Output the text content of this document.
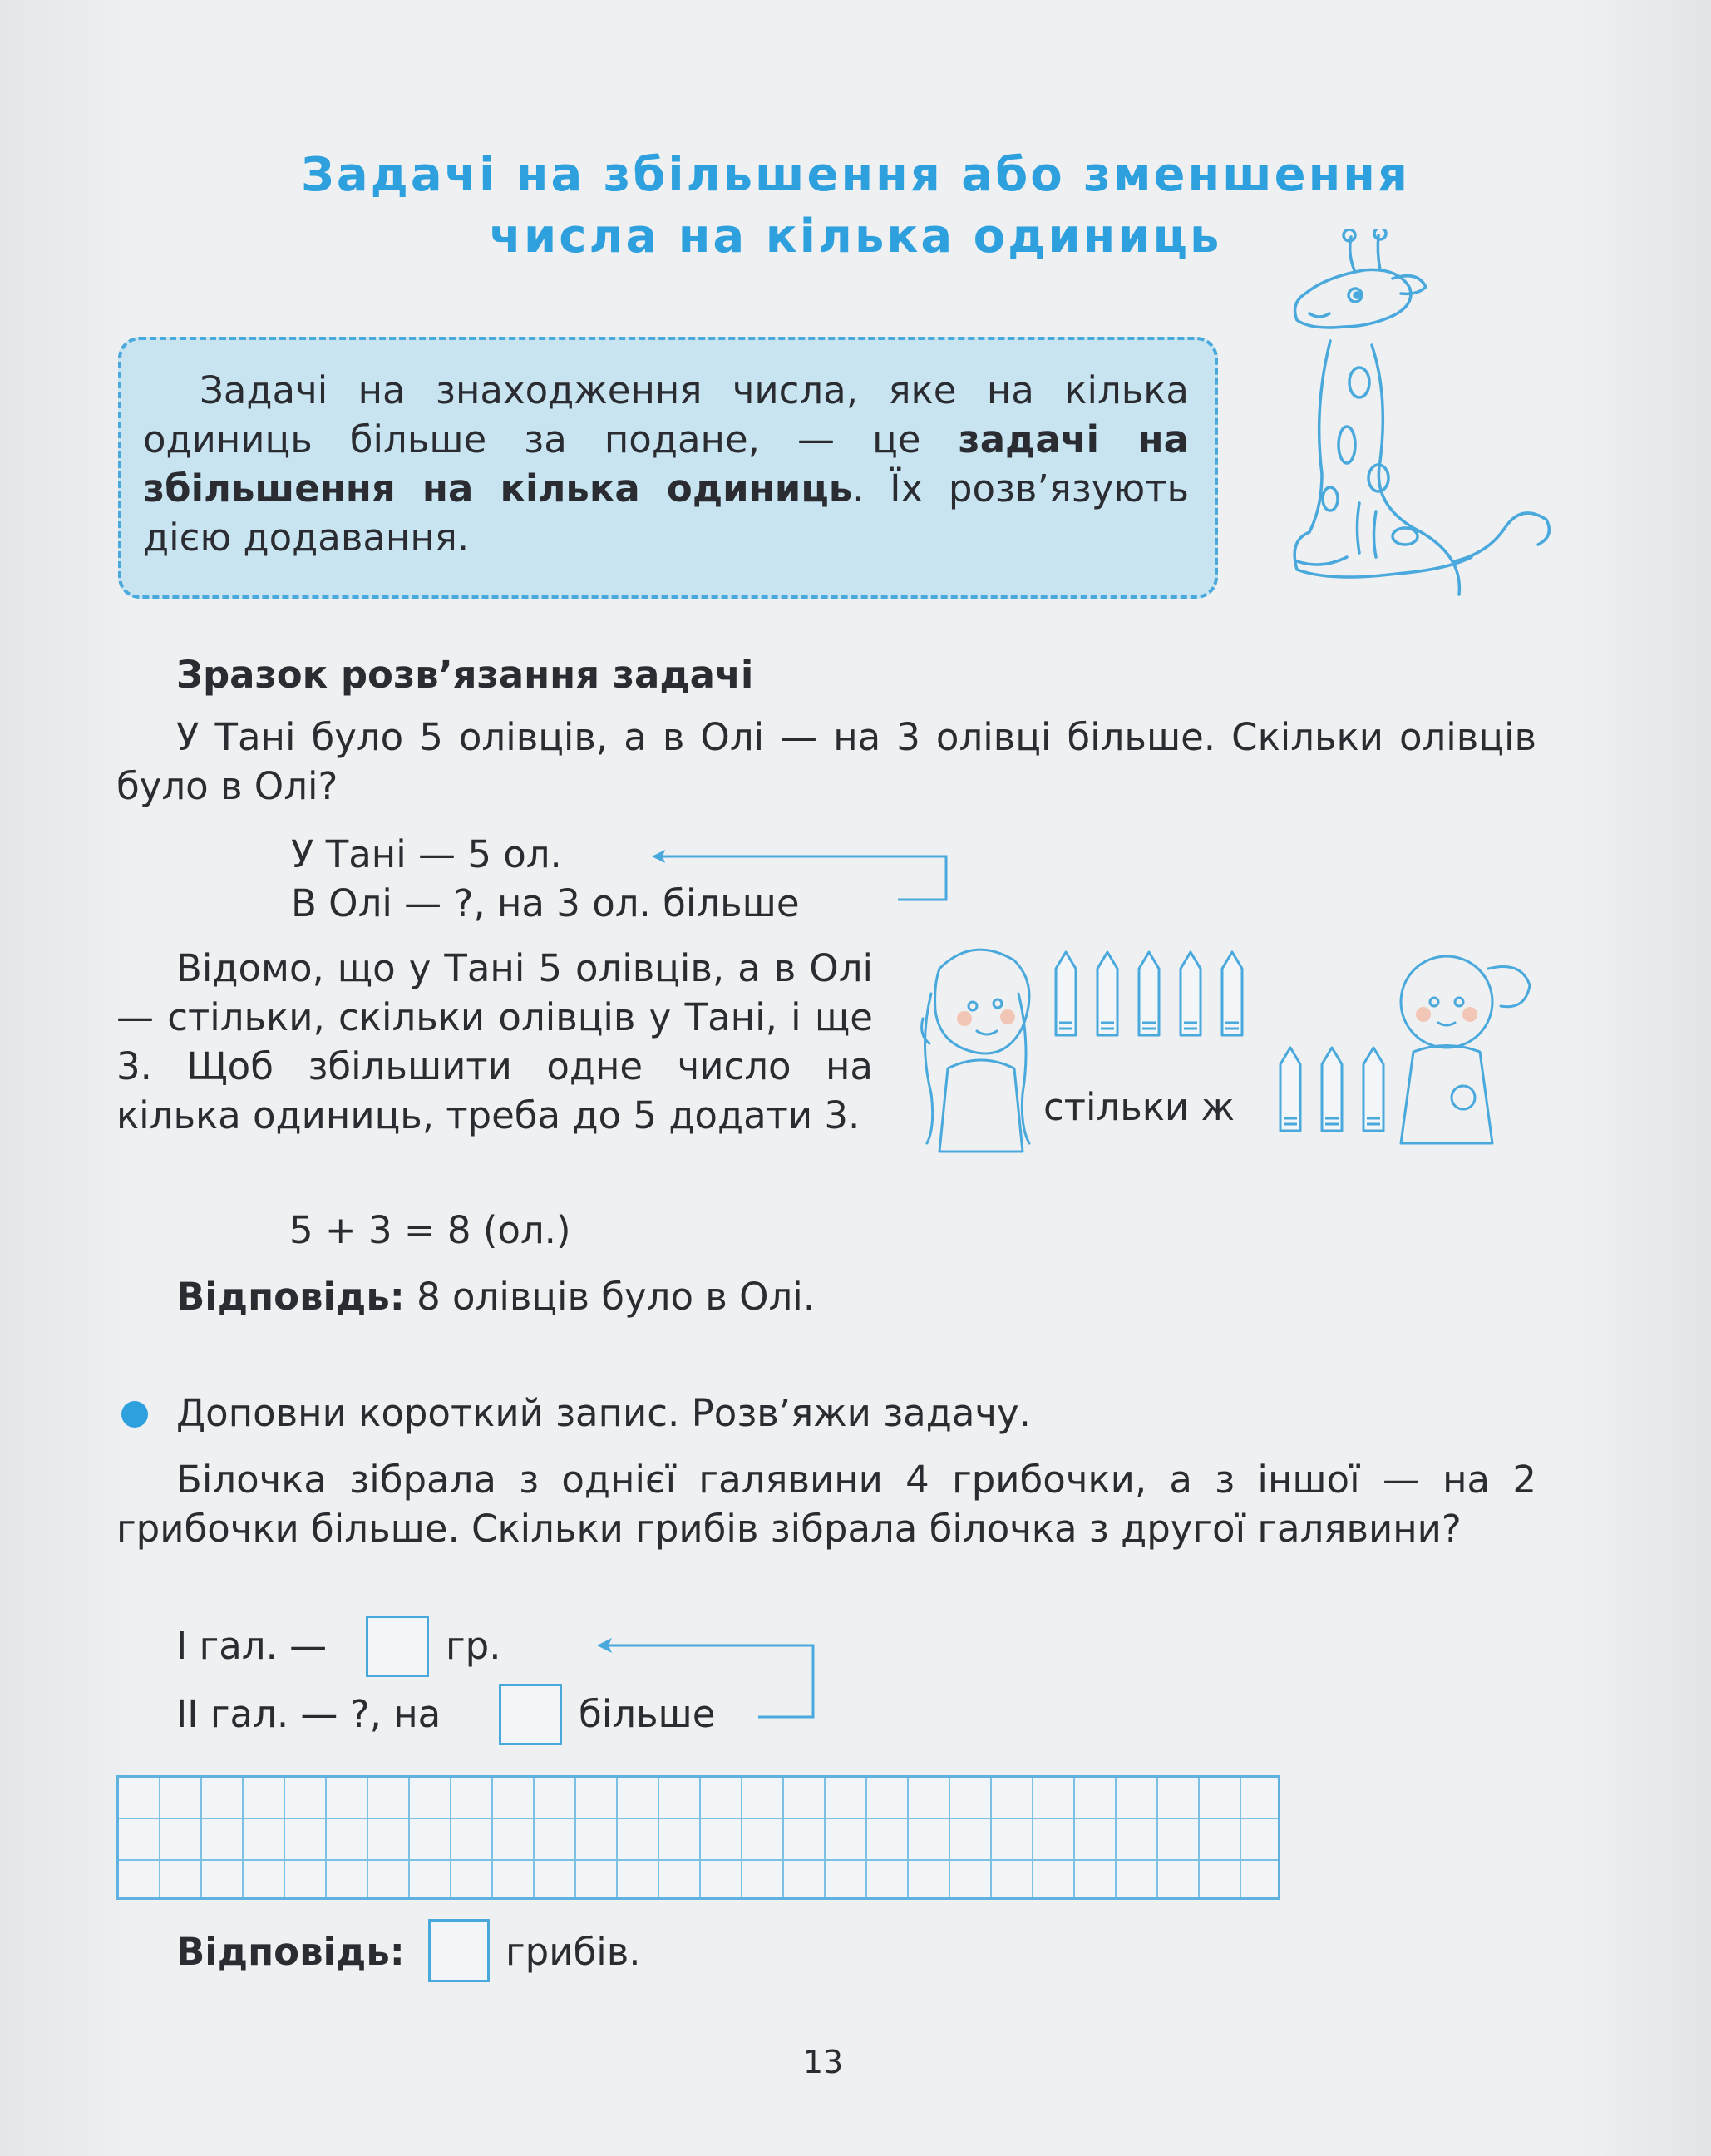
Задачі на збільшення або зменшення
числа на кілька одиниць
Задачі на знаходження числа, яке на кількa одиниць більше за подане, — це задачі на збільшення на кілька одиниць. Їх розв’язують дією додавання.
Зразок розв’язання задачі
У Тані було 5 олівців, а в Олі — на 3 олівці більше. Скільки олівців було в Олі?
У Тані — 5 ол.
В Олі — ?, на 3 ол. більше
Відомо, що у Тані 5 олівців, а в Олі — стільки, скільки олівців у Тані, і ще 3. Щоб збільшити одне число на кілька одиниць, треба до 5 додати 3.	стільки ж
5 + 3 = 8 (ол.)
Відповідь: 8 олівців було в Олі.
Доповни короткий запис. Розв’яжи задачу.
Білочка зібрала з однієї галявини 4 грибочки, а з іншої — на 2 грибочки більше. Скільки грибів зібрала білочка з другої галявини?
І гал. —	гр.
ІІ гал. — ?, на	більше
Відповідь:	грибів.
13
